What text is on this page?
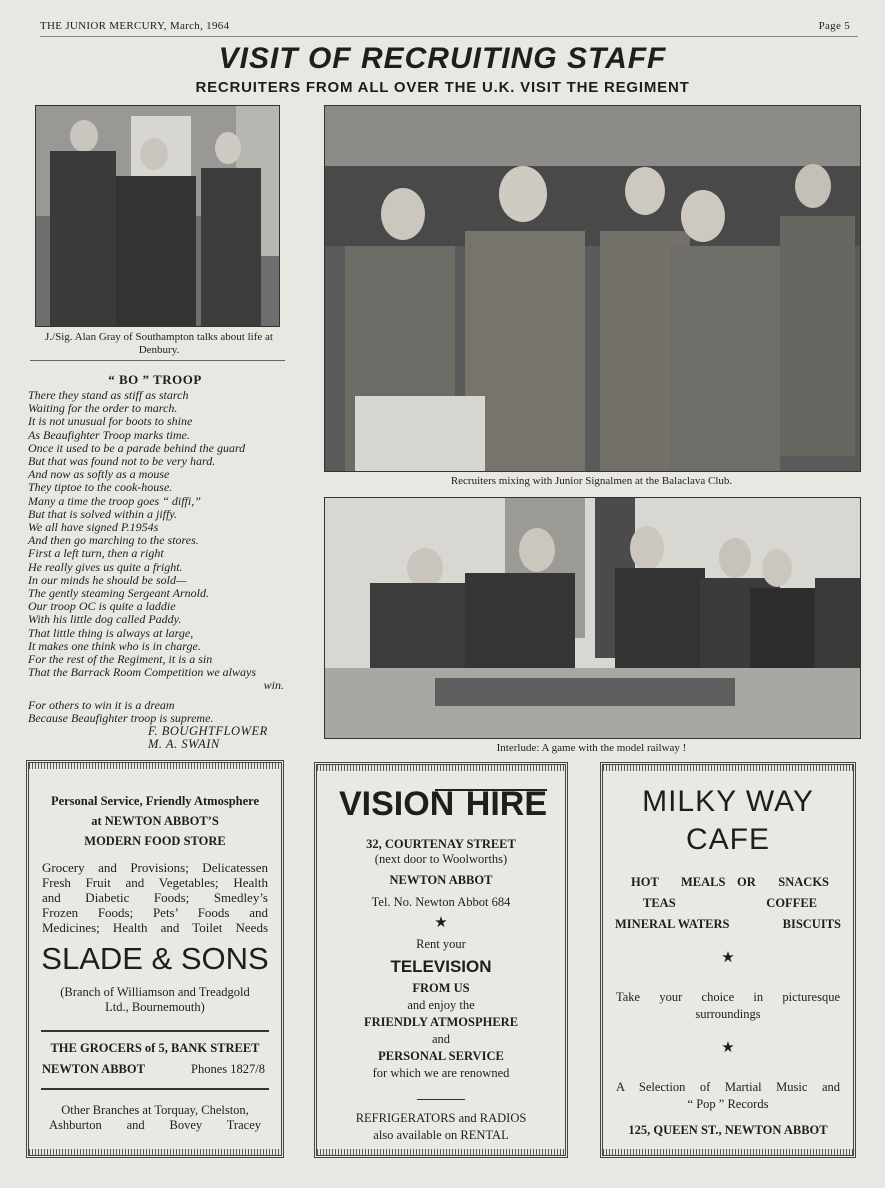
THE JUNIOR MERCURY, March, 1964	Page 5
VISIT OF RECRUITING STAFF
RECRUITERS FROM ALL OVER THE U.K. VISIT THE REGIMENT
J./Sig. Alan Gray of Southampton talks about life at Denbury.
Recruiters mixing with Junior Signalmen at the Balaclava Club.
Interlude: A game with the model railway !
“ BO ” TROOP
There they stand as stiff as starch
Waiting for the order to march.
It is not unusual for boots to shine
As Beaufighter Troop marks time.
Once it used to be a parade behind the guard
But that was found not to be very hard.
And now as softly as a mouse
They tiptoe to the cook-house.
Many a time the troop goes “ diffi,”
But that is solved within a jiffy.
We all have signed P.1954s
And then go marching to the stores.
First a left turn, then a right
He really gives us quite a fright.
In our minds he should be sold—
The gently steaming Sergeant Arnold.
Our troop OC is quite a laddie
With his little dog called Paddy.
That little thing is always at large,
It makes one think who is in charge.
For the rest of the Regiment, it is a sin
That the Barrack Room Competition we always
win.
For others to win it is a dream
Because Beaufighter troop is supreme.
F. BOUGHTFLOWER
M. A. SWAIN
Personal Service, Friendly Atmosphere
at NEWTON ABBOT’S
MODERN FOOD STORE
Grocery and Provisions; Delicatessen
Fresh Fruit and Vegetables; Health
and Diabetic Foods; Smedley’s
Frozen Foods; Pets’ Foods and
Medicines; Health and Toilet Needs
SLADE & SONS
(Branch of Williamson and Treadgold
Ltd., Bournemouth)
THE GROCERS of 5, BANK STREET
NEWTON ABBOT	Phones 1827/8
Other Branches at Torquay, Chelston,
Ashburton and Bovey Tracey
VISION HIRE
32, COURTENAY STREET
(next door to Woolworths)
NEWTON ABBOT
Tel. No. Newton Abbot 684
★
Rent your
TELEVISION
FROM US
and enjoy the
FRIENDLY ATMOSPHERE
and
PERSONAL SERVICE
for which we are renowned
REFRIGERATORS and RADIOS
also available on RENTAL
MILKY WAY
CAFE
HOT MEALS OR SNACKS
TEAS	COFFEE
MINERAL WATERS	BISCUITS
★
Take your choice in picturesque
surroundings
★
A Selection of Martial Music and
“ Pop ” Records
125, QUEEN ST., NEWTON ABBOT
